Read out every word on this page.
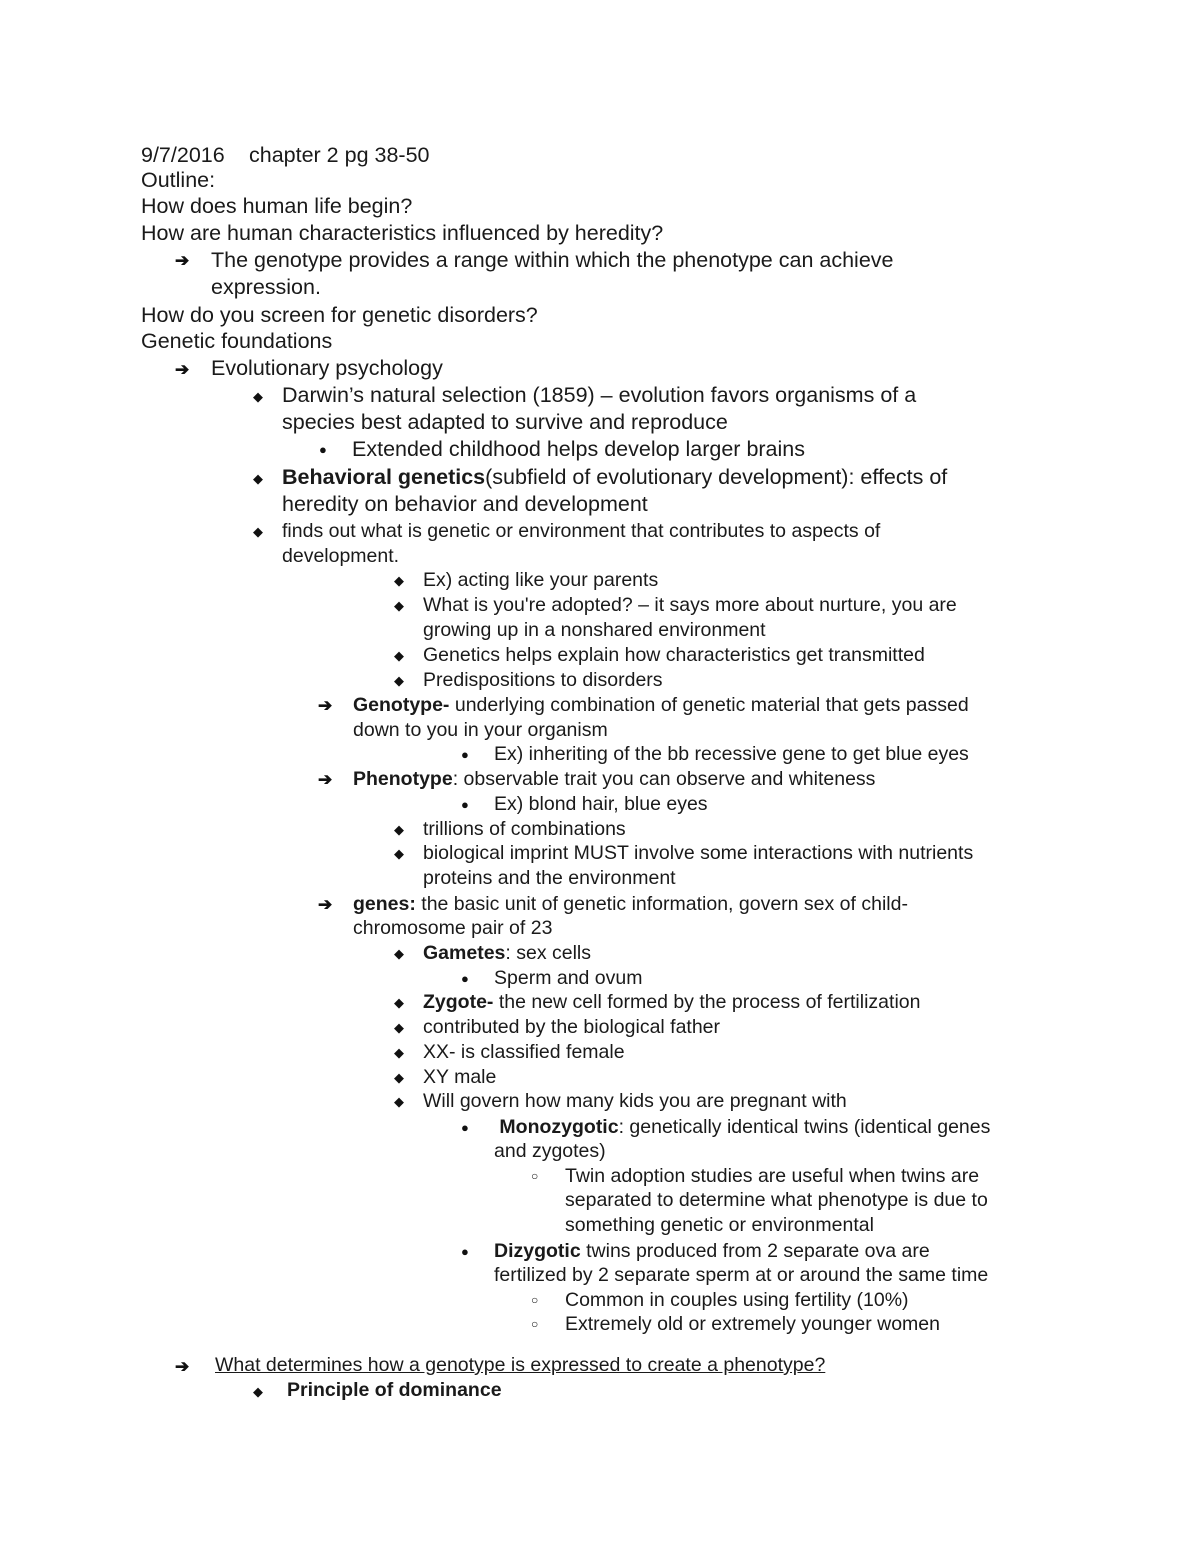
9/7/2016 chapter 2 pg 38-50
Outline:
How does human life begin?
How are human characteristics influenced by heredity?
➔ The genotype provides a range within which the phenotype can achieve
expression.
How do you screen for genetic disorders?
Genetic foundations
➔ Evolutionary psychology
◆ Darwin’s natural selection (1859) – evolution favors organisms of a
species best adapted to survive and reproduce
● Extended childhood helps develop larger brains
◆ Behavioral genetics(subfield of evolutionary development): effects of
heredity on behavior and development
◆ finds out what is genetic or environment that contributes to aspects of
development.
◆ Ex) acting like your parents
◆ What is you're adopted? – it says more about nurture, you are
growing up in a nonshared environment
◆ Genetics helps explain how characteristics get transmitted
◆ Predispositions to disorders
➔ Genotype- underlying combination of genetic material that gets passed
down to you in your organism
● Ex) inheriting of the bb recessive gene to get blue eyes
➔ Phenotype: observable trait you can observe and whiteness
● Ex) blond hair, blue eyes
◆ trillions of combinations
◆ biological imprint MUST involve some interactions with nutrients
proteins and the environment
➔ genes: the basic unit of genetic information, govern sex of child-
chromosome pair of 23
◆ Gametes: sex cells
● Sperm and ovum
◆ Zygote- the new cell formed by the process of fertilization
◆ contributed by the biological father
◆ XX- is classified female
◆ XY male
◆ Will govern how many kids you are pregnant with
● Monozygotic: genetically identical twins (identical genes
and zygotes)
○ Twin adoption studies are useful when twins are
separated to determine what phenotype is due to
something genetic or environmental
● Dizygotic twins produced from 2 separate ova are
fertilized by 2 separate sperm at or around the same time
○ Common in couples using fertility (10%)
○ Extremely old or extremely younger women
➔ What determines how a genotype is expressed to create a phenotype?
◆ Principle of dominance
